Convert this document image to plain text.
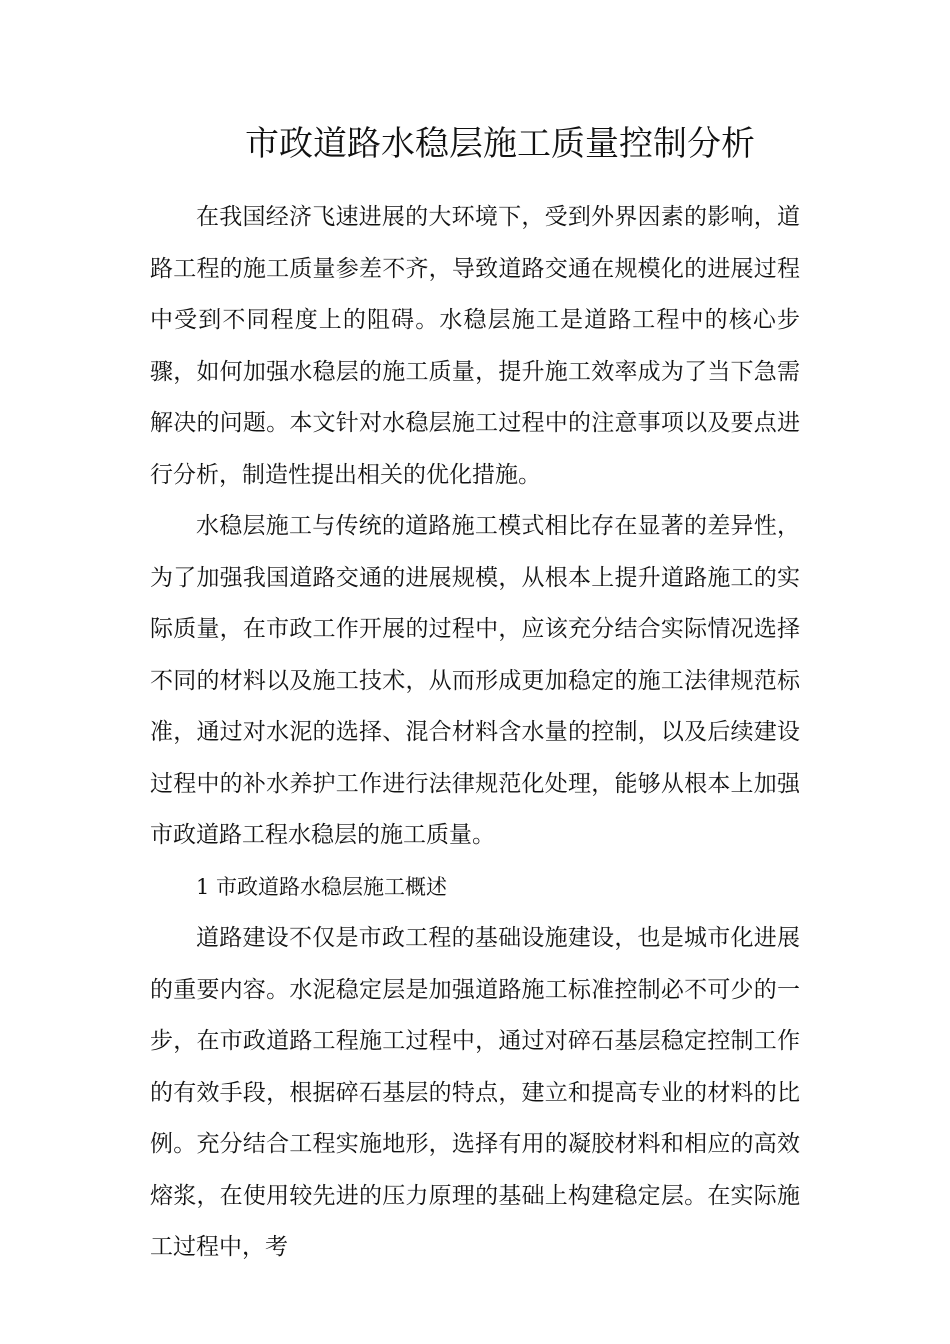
市政道路水稳层施工质量控制分析

在我国经济飞速进展的大环境下，受到外界因素的影响，道路工程的施工质量参差不齐，导致道路交通在规模化的进展过程中受到不同程度上的阻碍。水稳层施工是道路工程中的核心步骤，如何加强水稳层的施工质量，提升施工效率成为了当下急需解决的问题。本文针对水稳层施工过程中的注意事项以及要点进行分析，制造性提出相关的优化措施。

水稳层施工与传统的道路施工模式相比存在显著的差异性，为了加强我国道路交通的进展规模，从根本上提升道路施工的实际质量，在市政工作开展的过程中，应该充分结合实际情况选择不同的材料以及施工技术，从而形成更加稳定的施工法律规范标准，通过对水泥的选择、混合材料含水量的控制，以及后续建设过程中的补水养护工作进行法律规范化处理，能够从根本上加强市政道路工程水稳层的施工质量。

1 市政道路水稳层施工概述

道路建设不仅是市政工程的基础设施建设，也是城市化进展的重要内容。水泥稳定层是加强道路施工标准控制必不可少的一步，在市政道路工程施工过程中，通过对碎石基层稳定控制工作的有效手段，根据碎石基层的特点，建立和提高专业的材料的比例。充分结合工程实施地形，选择有用的凝胶材料和相应的高效熔浆，在使用较先进的压力原理的基础上构建稳定层。在实际施工过程中，考
